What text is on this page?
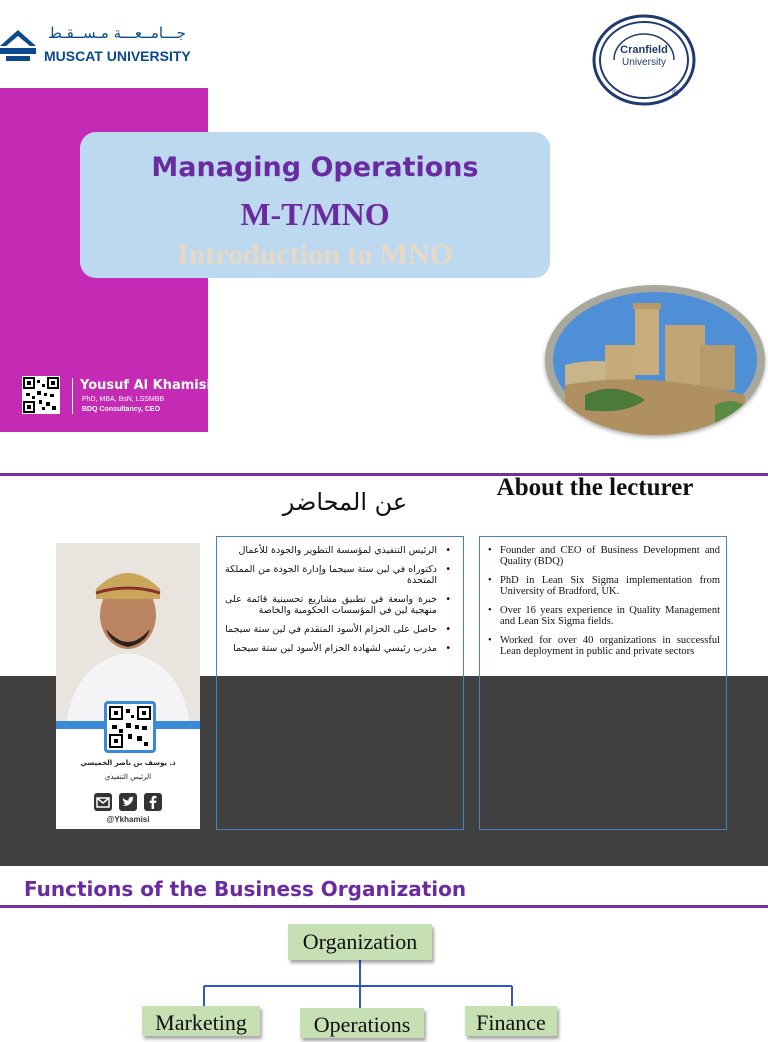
جـــامــعـــة مـســقـط
MUSCAT UNIVERSITY	Cranfield
University
®
Managing Operations
M-T/MNO
Introduction to MNO
Yousuf Al Khamisi
PhD, MBA, BsN, LSSMBB
BDQ Consultancy, CEO
عن المحاضر
About the lecturer
د. يوسف بن ناصر الخميسي
الرئيس التنفيذي
@Ykhamisi
• الرئيس التنفيذي لمؤسسة التطوير والجودة للأعمال
• دكتوراه في لين ستة سيجما وإدارة الجودة من المملكة المتحدة
• خبرة واسعة في تطبيق مشاريع تحسينية قائمة على منهجية لين في المؤسسات الحكومية والخاصة
• حاصل على الحزام الأسود المتقدم في لين ستة سيجما
• مدرب رئيسي لشهادة الحزام الأسود لين ستة سيجما
• Founder and CEO of Business Development and Quality (BDQ)
• PhD in Lean Six Sigma implementation from University of Bradford, UK.
• Over 16 years experience in Quality Management and Lean Six Sigma fields.
• Worked for over 40 organizations in successful Lean deployment in public and private sectors
Functions of the Business Organization
Organization
Marketing	Operations	Finance
